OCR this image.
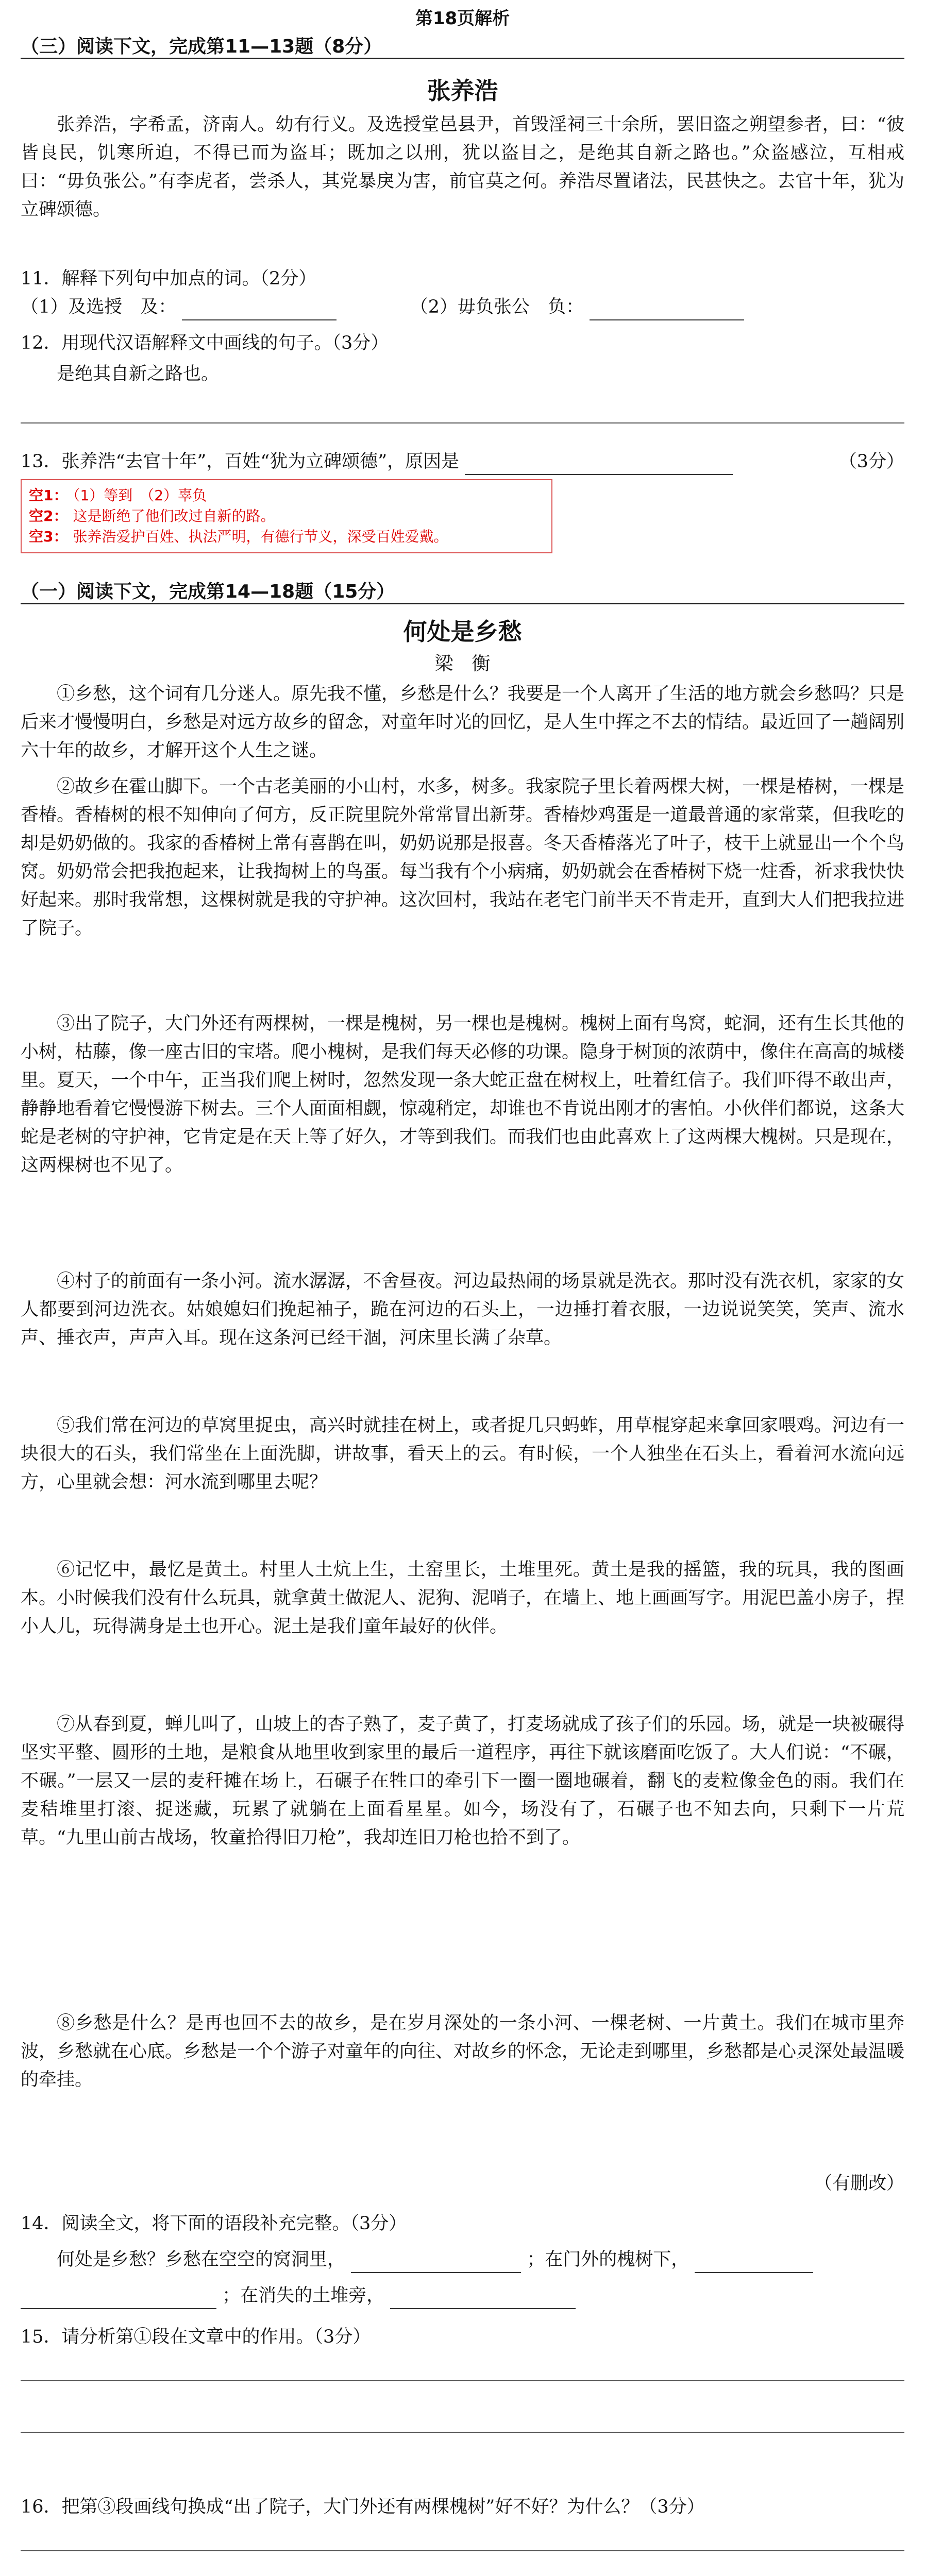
第18页解析
（三）阅读下文，完成第11—13题（8分）
张养浩

张养浩，字希孟，济南人。幼有行义。及选授堂邑县尹，首毁淫祠三十余所，罢旧盗之朔望参者，曰：“彼皆良民，饥寒所迫，不得已而为盗耳；既加之以刑，犹以盗目之，是绝其自新之路也。”众盗感泣，互相戒曰：“毋负张公。”有李虎者，尝杀人，其党暴戾为害，前官莫之何。养浩尽置诸法，民甚快之。去官十年，犹为立碑颂德。

11．解释下列句中加点的词。（2分）
（1）及选授　及：	（2）毋负张公　负：
12．用现代汉语解释文中画线的句子。（3分）
是绝其自新之路也。
13．张养浩“去官十年”，百姓“犹为立碑颂德”，原因是	（3分）
空1： （1）等到　（2）辜负
空2： 这是断绝了他们改过自新的路。
空3： 张养浩爱护百姓、执法严明，有德行节义，深受百姓爱戴。
（一）阅读下文，完成第14—18题（15分）
何处是乡愁
梁　衡

①乡愁，这个词有几分迷人。原先我不懂，乡愁是什么？我要是一个人离开了生活的地方就会乡愁吗？只是后来才慢慢明白，乡愁是对远方故乡的留念，对童年时光的回忆，是人生中挥之不去的情结。最近回了一趟阔别六十年的故乡，才解开这个人生之谜。

②故乡在霍山脚下。一个古老美丽的小山村，水多，树多。我家院子里长着两棵大树，一棵是椿树，一棵是香椿。香椿树的根不知伸向了何方，反正院里院外常常冒出新芽。香椿炒鸡蛋是一道最普通的家常菜，但我吃的却是奶奶做的。我家的香椿树上常有喜鹊在叫，奶奶说那是报喜。冬天香椿落光了叶子，枝干上就显出一个个鸟窝。奶奶常会把我抱起来，让我掏树上的鸟蛋。每当我有个小病痛，奶奶就会在香椿树下烧一炷香，祈求我快快好起来。那时我常想，这棵树就是我的守护神。这次回村，我站在老宅门前半天不肯走开，直到大人们把我拉进了院子。

③出了院子，大门外还有两棵树，一棵是槐树，另一棵也是槐树。槐树上面有鸟窝，蛇洞，还有生长其他的小树，枯藤，像一座古旧的宝塔。爬小槐树，是我们每天必修的功课。隐身于树顶的浓荫中，像住在高高的城楼里。夏天，一个中午，正当我们爬上树时，忽然发现一条大蛇正盘在树杈上，吐着红信子。我们吓得不敢出声，静静地看着它慢慢游下树去。三个人面面相觑，惊魂稍定，却谁也不肯说出刚才的害怕。小伙伴们都说，这条大蛇是老树的守护神，它肯定是在天上等了好久，才等到我们。而我们也由此喜欢上了这两棵大槐树。只是现在，这两棵树也不见了。

④村子的前面有一条小河。流水潺潺，不舍昼夜。河边最热闹的场景就是洗衣。那时没有洗衣机，家家的女人都要到河边洗衣。姑娘媳妇们挽起袖子，跪在河边的石头上，一边捶打着衣服，一边说说笑笑，笑声、流水声、捶衣声，声声入耳。现在这条河已经干涸，河床里长满了杂草。

⑤我们常在河边的草窝里捉虫，高兴时就挂在树上，或者捉几只蚂蚱，用草棍穿起来拿回家喂鸡。河边有一块很大的石头，我们常坐在上面洗脚，讲故事，看天上的云。有时候，一个人独坐在石头上，看着河水流向远方，心里就会想：河水流到哪里去呢？

⑥记忆中，最忆是黄土。村里人土炕上生，土窑里长，土堆里死。黄土是我的摇篮，我的玩具，我的图画本。小时候我们没有什么玩具，就拿黄土做泥人、泥狗、泥哨子，在墙上、地上画画写字。用泥巴盖小房子，捏小人儿，玩得满身是土也开心。泥土是我们童年最好的伙伴。

⑦从春到夏，蝉儿叫了，山坡上的杏子熟了，麦子黄了，打麦场就成了孩子们的乐园。场，就是一块被碾得坚实平整、圆形的土地，是粮食从地里收到家里的最后一道程序，再往下就该磨面吃饭了。大人们说：“不碾，不碾。”一层又一层的麦秆摊在场上，石碾子在牲口的牵引下一圈一圈地碾着，翻飞的麦粒像金色的雨。我们在麦秸堆里打滚、捉迷藏，玩累了就躺在上面看星星。如今，场没有了，石碾子也不知去向，只剩下一片荒草。“九里山前古战场，牧童拾得旧刀枪”，我却连旧刀枪也拾不到了。

⑧乡愁是什么？是再也回不去的故乡，是在岁月深处的一条小河、一棵老树、一片黄土。我们在城市里奔波，乡愁就在心底。乡愁是一个个游子对童年的向往、对故乡的怀念，无论走到哪里，乡愁都是心灵深处最温暖的牵挂。

（有删改）
14．阅读全文，将下面的语段补充完整。（3分）
何处是乡愁？乡愁在空空的窝洞里，	；在门外的槐树下，
；在消失的土堆旁，
15．请分析第①段在文章中的作用。（3分）
16．把第③段画线句换成“出了院子，大门外还有两棵槐树”好不好？为什么？（3分）
